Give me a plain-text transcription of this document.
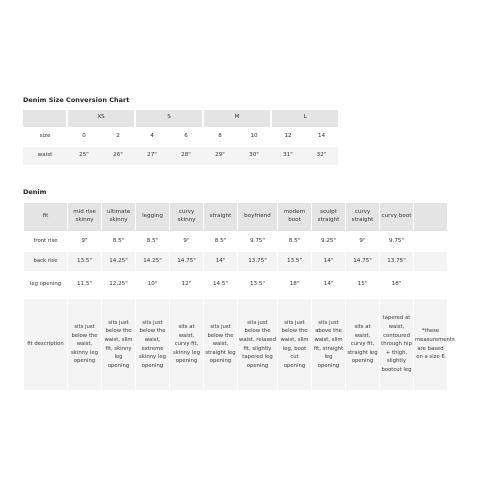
Denim Size Conversion Chart
	XS		S		M		L	
size	0	2	4	6	8	10	12	14
waist	25"	26"	27"	28"	29"	30"	31"	32"
Denim
fit	mid rise skinny	ultimate skinny	legging	curvy skinny	straight	boyfriend	modern boot	sculpt straight	curvy straight	curvy boot	
front rise	9"	8.5"	8.5"	9"	8.5"	9.75"	8.5"	9.25"	9"	9.75"	
back rise	13.5"	14.25"	14.25"	14.75"	14"	13.75"	13.5"	14"	14.75"	13.75"	
leg opening	11.5"	12.25"	10"	12"	14.5"	13.5"	18"	14"	15"	18"	
fit description	sits just below the waist, skinny leg opening	sits just below the waist, slim fit, skinny leg opening	sits just below the waist, extreme skinny leg opening	sits at waist, curvy fit, skinny leg opening	sits just below the waist, straight leg opening	sits just below the waist, relaxed fit, slightly tapered leg opening	sits just below the waist, slim leg, boot cut opening	sits just above the waist, slim fit, straight leg opening	sits at waist, curvy fit, straight leg opening	tapered at waist, contoured through hip + thigh, slightly bootcut leg	*these measurements are based on a size 6
